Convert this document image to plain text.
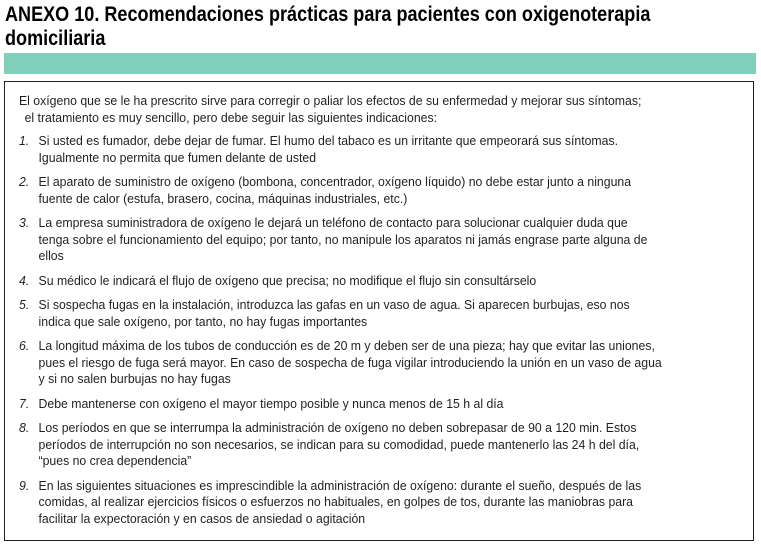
ANEXO 10. Recomendaciones prácticas para pacientes con oxigenoterapia
domiciliaria

El oxígeno que se le ha prescrito sirve para corregir o paliar los efectos de su enfermedad y mejorar sus síntomas;
el tratamiento es muy sencillo, pero debe seguir las siguientes indicaciones:

1. Si usted es fumador, debe dejar de fumar. El humo del tabaco es un irritante que empeorará sus síntomas.
Igualmente no permita que fumen delante de usted
2. El aparato de suministro de oxígeno (bombona, concentrador, oxígeno líquido) no debe estar junto a ninguna
fuente de calor (estufa, brasero, cocina, máquinas industriales, etc.)
3. La empresa suministradora de oxígeno le dejará un teléfono de contacto para solucionar cualquier duda que
tenga sobre el funcionamiento del equipo; por tanto, no manipule los aparatos ni jamás engrase parte alguna de
ellos
4. Su médico le indicará el flujo de oxígeno que precisa; no modifique el flujo sin consultárselo
5. Si sospecha fugas en la instalación, introduzca las gafas en un vaso de agua. Si aparecen burbujas, eso nos
indica que sale oxígeno, por tanto, no hay fugas importantes
6. La longitud máxima de los tubos de conducción es de 20 m y deben ser de una pieza; hay que evitar las uniones,
pues el riesgo de fuga será mayor. En caso de sospecha de fuga vigilar introduciendo la unión en un vaso de agua
y si no salen burbujas no hay fugas
7. Debe mantenerse con oxígeno el mayor tiempo posible y nunca menos de 15 h al día
8. Los períodos en que se interrumpa la administración de oxígeno no deben sobrepasar de 90 a 120 min. Estos
períodos de interrupción no son necesarios, se indican para su comodidad, puede mantenerlo las 24 h del día,
“pues no crea dependencia”
9. En las siguientes situaciones es imprescindible la administración de oxígeno: durante el sueño, después de las
comidas, al realizar ejercicios físicos o esfuerzos no habituales, en golpes de tos, durante las maniobras para
facilitar la expectoración y en casos de ansiedad o agitación
